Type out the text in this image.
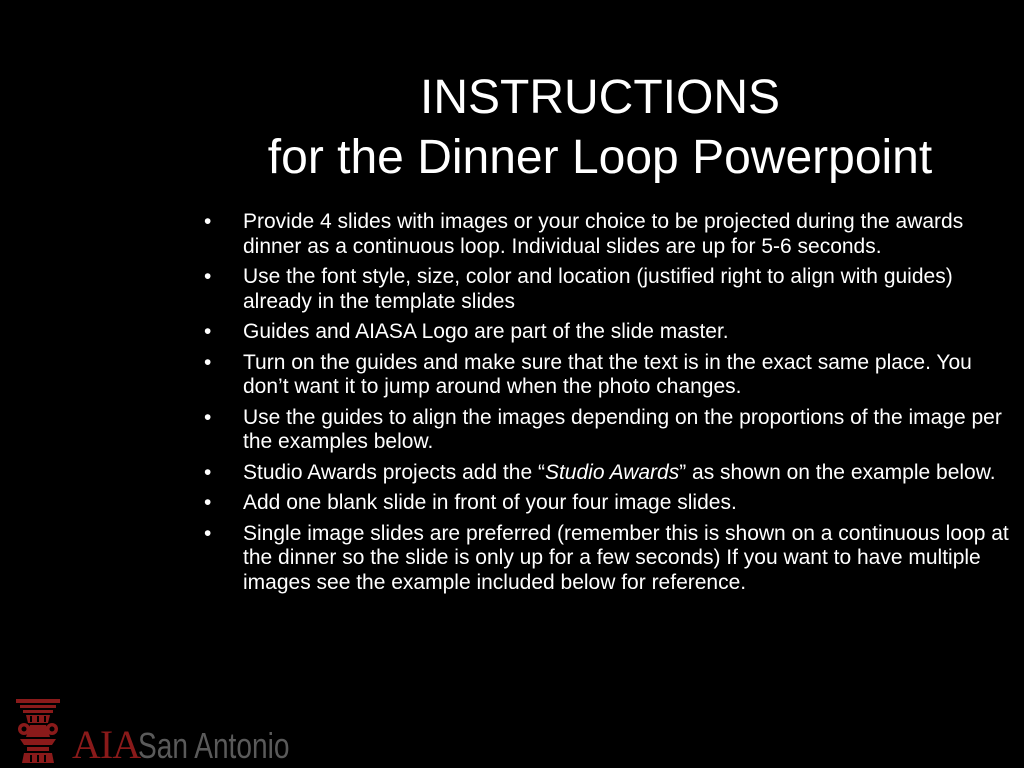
INSTRUCTIONS
for the Dinner Loop Powerpoint
• Provide 4 slides with images or your choice to be projected during the awards dinner as a continuous loop. Individual slides are up for 5-6 seconds.
• Use the font style, size, color and location (justified right to align with guides) already in the template slides
• Guides and AIASA Logo are part of the slide master.
• Turn on the guides and make sure that the text is in the exact same place. You don’t want it to jump around when the photo changes.
• Use the guides to align the images depending on the proportions of the image per the examples below.
• Studio Awards projects add the “Studio Awards” as shown on the example below.
• Add one blank slide in front of your four image slides.
• Single image slides are preferred (remember this is shown on a continuous loop at the dinner so the slide is only up for a few seconds) If you want to have multiple images see the example included below for reference.
AIA
San Antonio
